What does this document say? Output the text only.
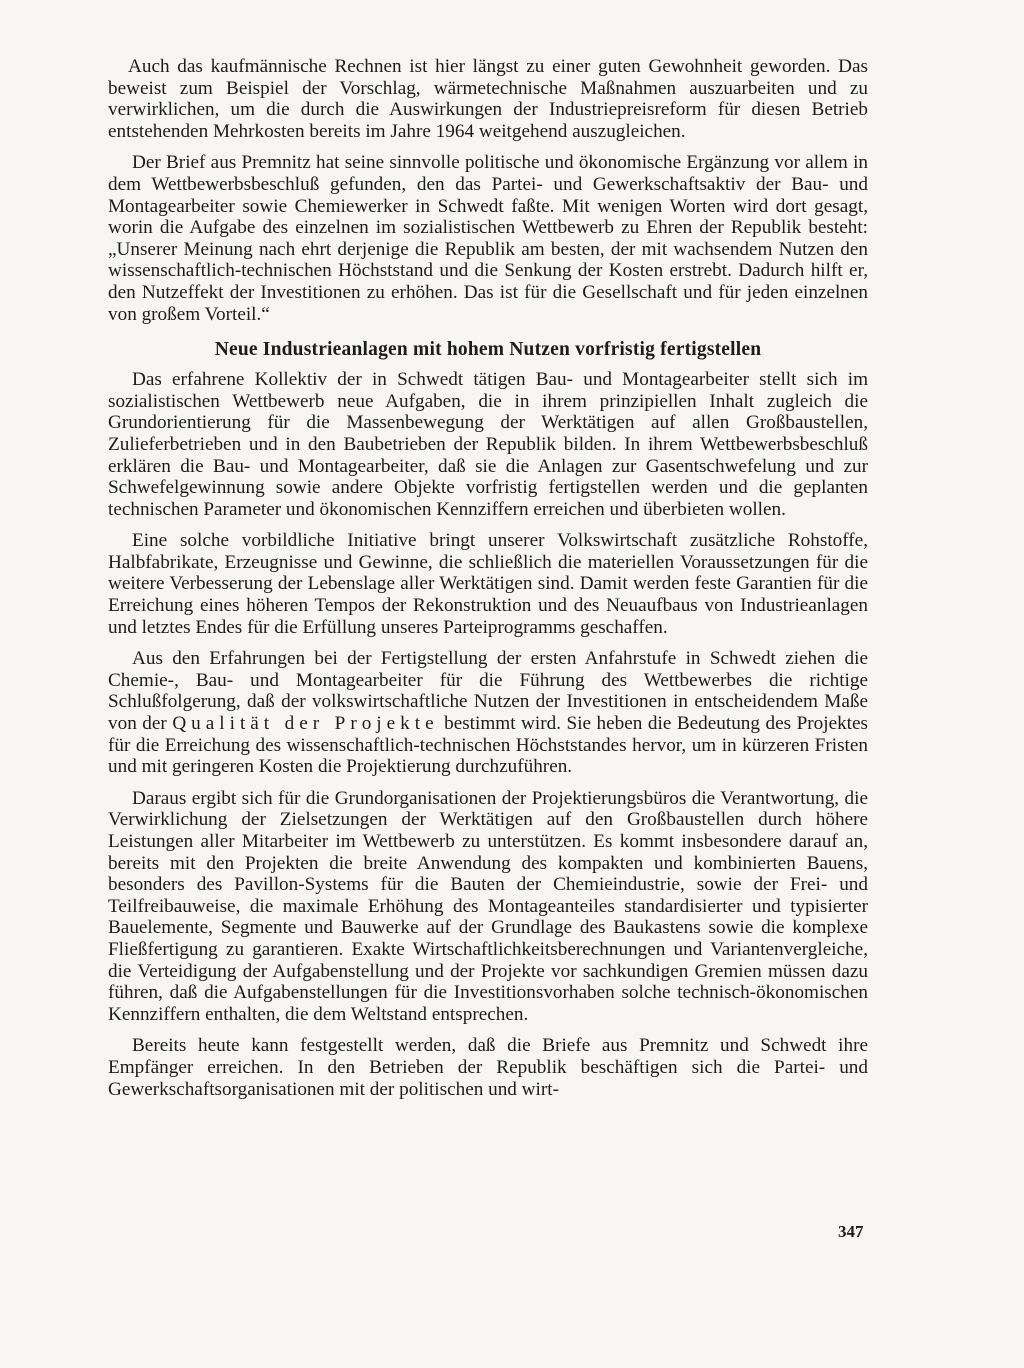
Auch das kaufmännische Rechnen ist hier längst zu einer guten Gewohnheit geworden. Das beweist zum Beispiel der Vorschlag, wärmetechnische Maßnahmen auszuarbeiten und zu verwirklichen, um die durch die Auswirkungen der Industriepreisreform für diesen Betrieb entstehenden Mehrkosten bereits im Jahre 1964 weitgehend auszugleichen.

Der Brief aus Premnitz hat seine sinnvolle politische und ökonomische Ergänzung vor allem in dem Wettbewerbsbeschluß gefunden, den das Partei- und Gewerkschaftsaktiv der Bau- und Montagearbeiter sowie Chemiewerker in Schwedt faßte. Mit wenigen Worten wird dort gesagt, worin die Aufgabe des einzelnen im sozialistischen Wettbewerb zu Ehren der Republik besteht: „Unserer Meinung nach ehrt derjenige die Republik am besten, der mit wachsendem Nutzen den wissenschaftlich-technischen Höchststand und die Senkung der Kosten erstrebt. Dadurch hilft er, den Nutzeffekt der Investitionen zu erhöhen. Das ist für die Gesellschaft und für jeden einzelnen von großem Vorteil.“

Neue Industrieanlagen mit hohem Nutzen vorfristig fertigstellen

Das erfahrene Kollektiv der in Schwedt tätigen Bau- und Montagearbeiter stellt sich im sozialistischen Wettbewerb neue Aufgaben, die in ihrem prinzipiellen Inhalt zugleich die Grundorientierung für die Massenbewegung der Werktätigen auf allen Großbaustellen, Zulieferbetrieben und in den Baubetrieben der Republik bilden. In ihrem Wettbewerbsbeschluß erklären die Bau- und Montagearbeiter, daß sie die Anlagen zur Gasentschwefelung und zur Schwefelgewinnung sowie andere Objekte vorfristig fertigstellen werden und die geplanten technischen Parameter und ökonomischen Kennziffern erreichen und überbieten wollen.

Eine solche vorbildliche Initiative bringt unserer Volkswirtschaft zusätzliche Rohstoffe, Halbfabrikate, Erzeugnisse und Gewinne, die schließlich die materiellen Voraussetzungen für die weitere Verbesserung der Lebenslage aller Werktätigen sind. Damit werden feste Garantien für die Erreichung eines höheren Tempos der Rekonstruktion und des Neuaufbaus von Industrieanlagen und letztes Endes für die Erfüllung unseres Parteiprogramms geschaffen.

Aus den Erfahrungen bei der Fertigstellung der ersten Anfahrstufe in Schwedt ziehen die Chemie-, Bau- und Montagearbeiter für die Führung des Wettbewerbes die richtige Schlußfolgerung, daß der volkswirtschaftliche Nutzen der Investitionen in entscheidendem Maße von der Qualität der Projekte bestimmt wird. Sie heben die Bedeutung des Projektes für die Erreichung des wissenschaftlich-technischen Höchststandes hervor, um in kürzeren Fristen und mit geringeren Kosten die Projektierung durchzuführen.

Daraus ergibt sich für die Grundorganisationen der Projektierungsbüros die Verantwortung, die Verwirklichung der Zielsetzungen der Werktätigen auf den Großbaustellen durch höhere Leistungen aller Mitarbeiter im Wettbewerb zu unterstützen. Es kommt insbesondere darauf an, bereits mit den Projekten die breite Anwendung des kompakten und kombinierten Bauens, besonders des Pavillon-Systems für die Bauten der Chemieindustrie, sowie der Frei- und Teilfreibauweise, die maximale Erhöhung des Montageanteiles standardisierter und typisierter Bauelemente, Segmente und Bauwerke auf der Grundlage des Baukastens sowie die komplexe Fließfertigung zu garantieren. Exakte Wirtschaftlichkeitsberechnungen und Variantenvergleiche, die Verteidigung der Aufgabenstellung und der Projekte vor sachkundigen Gremien müssen dazu führen, daß die Aufgabenstellungen für die Investitionsvorhaben solche technisch-ökonomischen Kennziffern enthalten, die dem Weltstand entsprechen.

Bereits heute kann festgestellt werden, daß die Briefe aus Premnitz und Schwedt ihre Empfänger erreichen. In den Betrieben der Republik beschäftigen sich die Partei- und Gewerkschaftsorganisationen mit der politischen und wirt-

347
